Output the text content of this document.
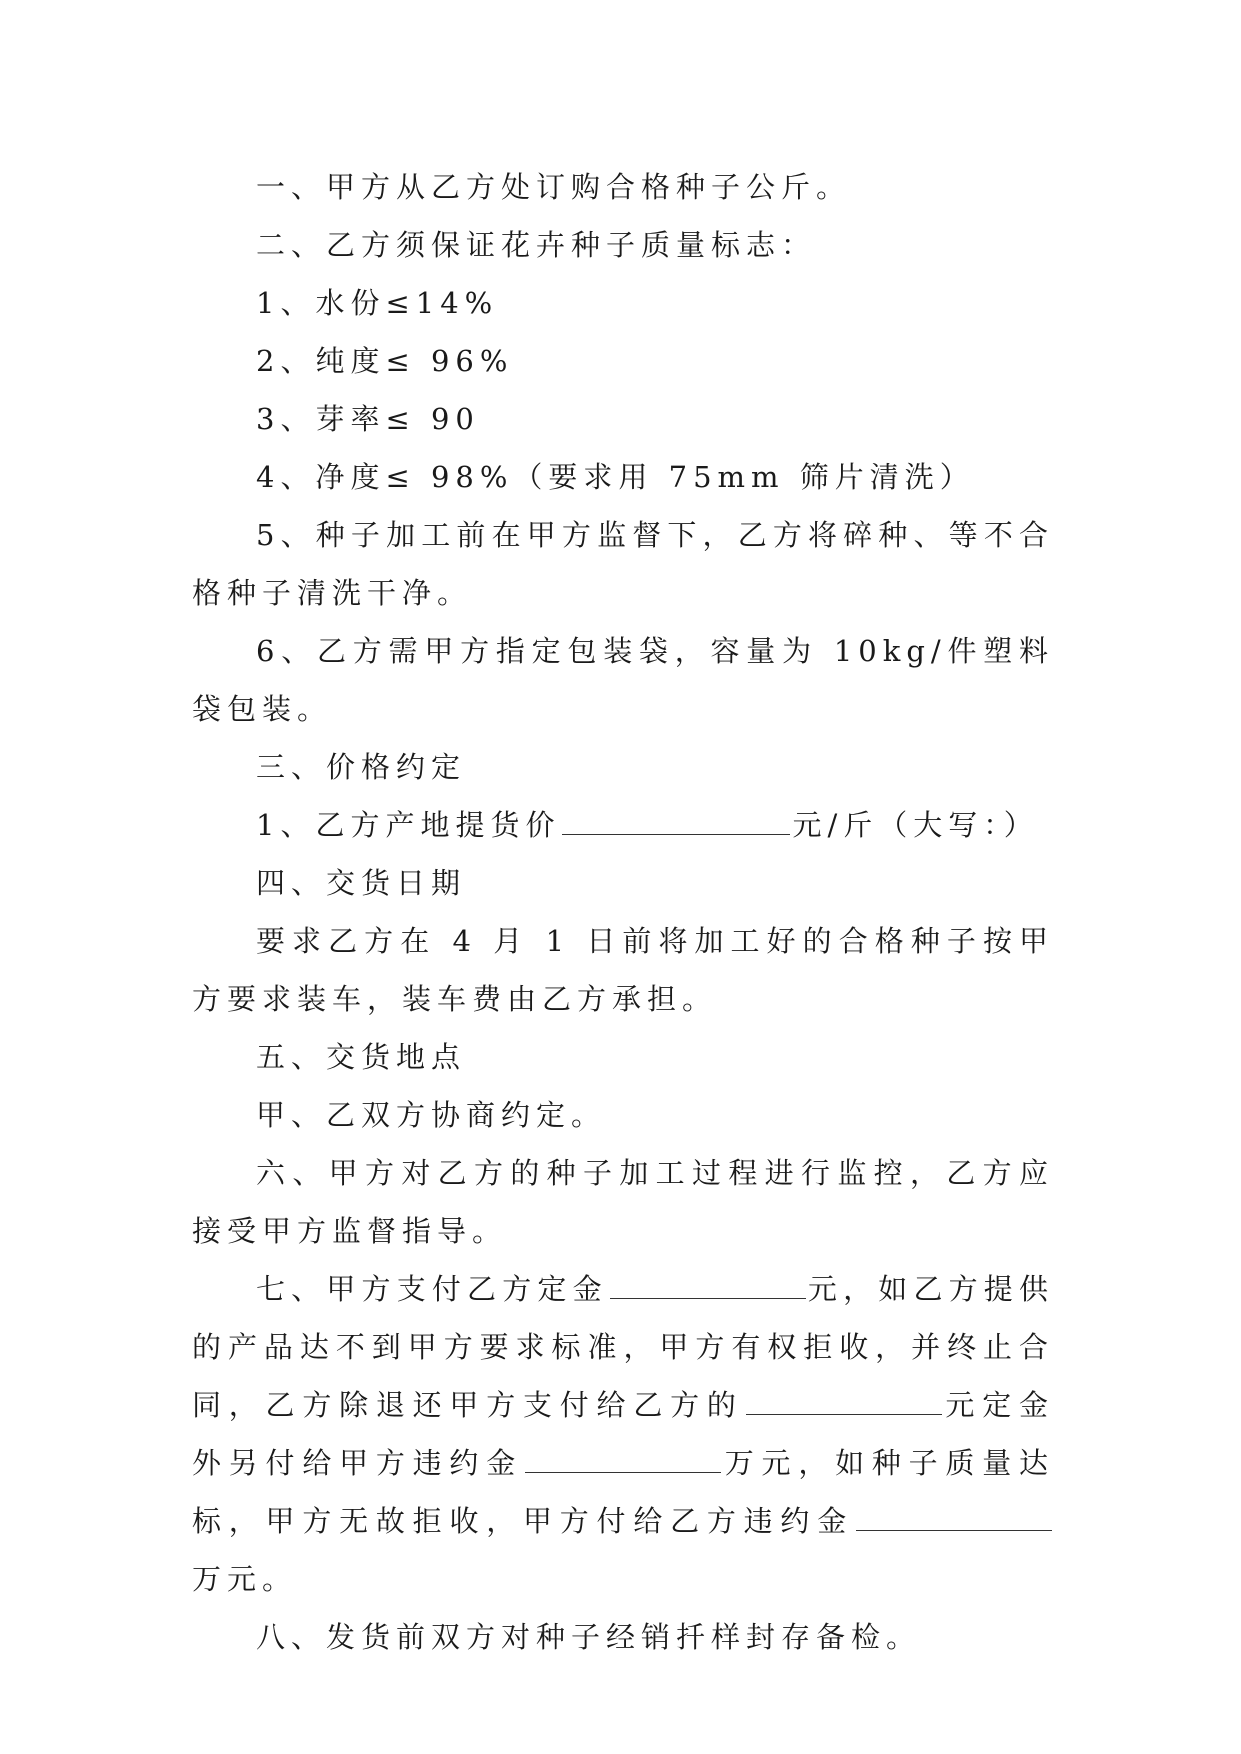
一、甲方从乙方处订购合格种子公斤。

二、乙方须保证花卉种子质量标志：

1、水份≤14%

2、纯度≤ 96%

3、芽率≤ 90

4、净度≤ 98%（要求用 75mm 筛片清洗）

5、种子加工前在甲方监督下，乙方将碎种、等不合格种子清洗干净。

6、乙方需甲方指定包装袋，容量为 10kg/件塑料袋包装。

三、价格约定

1、乙方产地提货价	元/斤（大写：）

四、交货日期

要求乙方在 4 月 1 日前将加工好的合格种子按甲方要求装车，装车费由乙方承担。

五、交货地点

甲、乙双方协商约定。

六、甲方对乙方的种子加工过程进行监控，乙方应接受甲方监督指导。

七、甲方支付乙方定金	元，如乙方提供的产品达不到甲方要求标准，甲方有权拒收，并终止合同，乙方除退还甲方支付给乙方的	元定金外另付给甲方违约金	万元，如种子质量达标，甲方无故拒收，甲方付给乙方违约金万元。

八、发货前双方对种子经销扦样封存备检。
